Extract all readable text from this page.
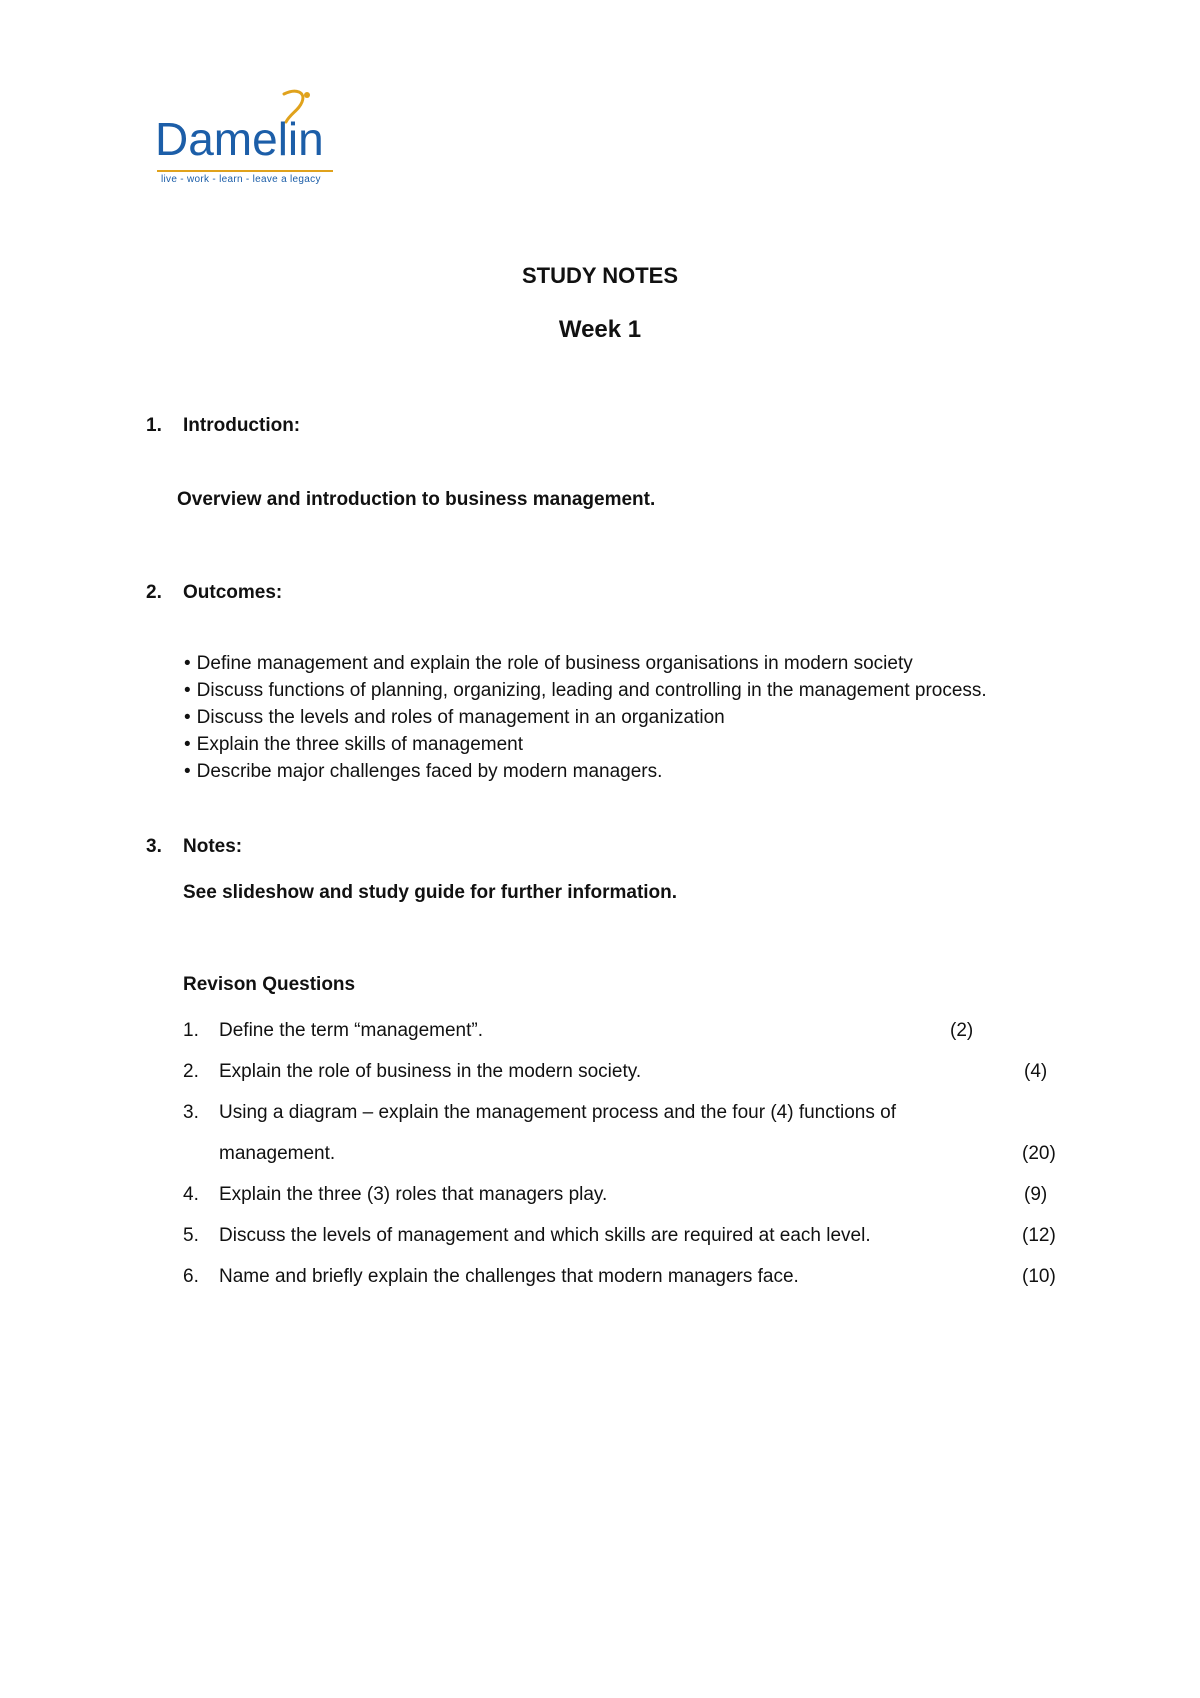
Damelin
live - work - learn - leave a legacy
STUDY NOTES
Week 1
1. Introduction:
Overview and introduction to business management.
2. Outcomes:
• Define management and explain the role of business organisations in modern society
• Discuss functions of planning, organizing, leading and controlling in the management process.
• Discuss the levels and roles of management in an organization
• Explain the three skills of management
• Describe major challenges faced by modern managers.
3. Notes:
See slideshow and study guide for further information.
Revison Questions
1. Define the term “management”.	(2)
2. Explain the role of business in the modern society.	(4)
3. Using a diagram – explain the management process and the four (4) functions of
management.	(20)
4. Explain the three (3) roles that managers play.	(9)
5. Discuss the levels of management and which skills are required at each level.	(12)
6. Name and briefly explain the challenges that modern managers face.	(10)
